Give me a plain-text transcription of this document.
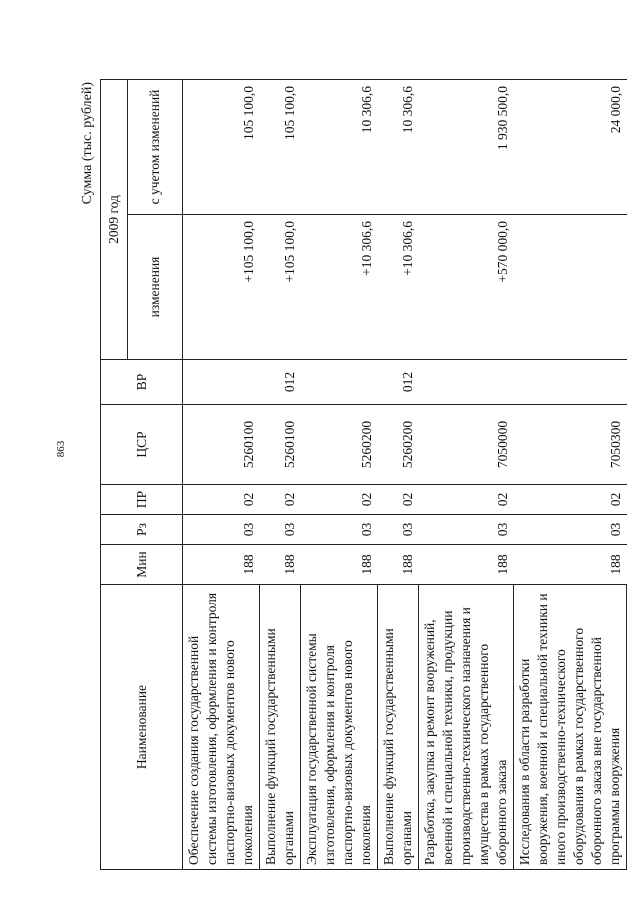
863
Сумма (тыс. рублей)
Наименование	Мин	Рз	ПР	ЦСР	ВР	2009 год	
						изменения	с учетом изменений
Обеспечение создания государственной системы изготовления, оформления и контроля паспортно-визовых документов нового поколения	188	03	02	5260100		+105 100,0	105 100,0
Выполнение функций государственными органами	188	03	02	5260100	012	+105 100,0	105 100,0
Эксплуатация государственной системы изготовления, оформления и контроля паспортно-визовых документов нового поколения	188	03	02	5260200		+10 306,6	10 306,6
Выполнение функций государственными органами	188	03	02	5260200	012	+10 306,6	10 306,6
Разработка, закупка и ремонт вооружений, военной и специальной техники, продукции производственно-технического назначения и имущества в рамках государственного оборонного заказа	188	03	02	7050000		+570 000,0	1 930 500,0
Исследования в области разработки вооружения, военной и специальной техники и иного производственно-технического оборудования в рамках государственного оборонного заказа вне государственной программы вооружения	188	03	02	7050300			24 000,0
